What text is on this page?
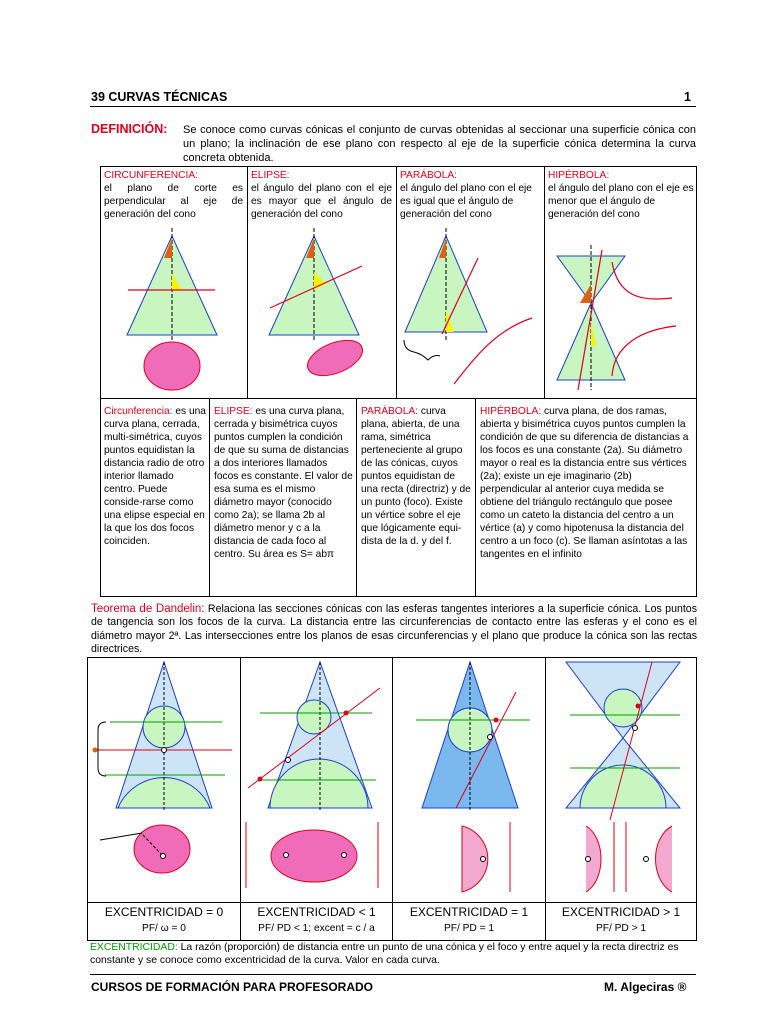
39 CURVAS TÉCNICAS	1
DEFINICIÓN: Se conoce como curvas cónicas el conjunto de curvas obtenidas al seccionar una superficie cónica con un plano; la inclinación de ese plano con respecto al eje de la superficie cónica determina la curva concreta obtenida.
CIRCUNFERENCIA:
el plano de corte es perpendicular al eje de generación del cono
ELIPSE:
el ángulo del plano con el eje es mayor que el ángulo de generación del cono
PARÁBOLA:
el ángulo del plano con el eje es igual que el ángulo de generación del cono
HIPÉRBOLA:
el ángulo del plano con el eje es menor que el ángulo de generación del cono
Circunferencia: es una curva plana, cerrada, multi-simétrica, cuyos puntos equidistan la distancia radio de otro interior llamado centro. Puede conside-rarse como una elipse especial en la que los dos focos coinciden.
ELIPSE: es una curva plana, cerrada y bisimétrica cuyos puntos cumplen la condición de que su suma de distancias a dos interiores llamados focos es constante. El valor de esa suma es el mismo diámetro mayor (conocido como 2a); se llama 2b al diámetro menor y c a la distancia de cada foco al centro. Su área es S= abπ
PARÁBOLA: curva plana, abierta, de una rama, simétrica perteneciente al grupo de las cónicas, cuyos puntos equidistan de una recta (directriz) y de un punto (foco). Existe un vértice sobre el eje que lógicamente equi-dista de la d. y del f.
HIPÉRBOLA: curva plana, de dos ramas, abierta y bisimétrica cuyos puntos cumplen la condición de que su diferencia de distancias a los focos es una constante (2a). Su diámetro mayor o real es la distancia entre sus vértices (2a); existe un eje imaginario (2b) perpendicular al anterior cuya medida se obtiene del triángulo rectángulo que posee como un cateto la distancia del centro a un vértice (a) y como hipotenusa la distancia del centro a un foco (c). Se llaman asíntotas a las tangentes en el infinito
Teorema de Dandelin: Relaciona las secciones cónicas con las esferas tangentes interiores a la superficie cónica. Los puntos de tangencia son los focos de la curva. La distancia entre las circunferencias de contacto entre las esferas y el cono es el diámetro mayor 2ª. Las intersecciones entre los planos de esas circunferencias y el plano que produce la cónica son las rectas directrices.
EXCENTRICIDAD = 0
PF/ ω = 0
EXCENTRICIDAD < 1
PF/ PD < 1; excent = c / a
EXCENTRICIDAD = 1
PF/ PD = 1
EXCENTRICIDAD > 1
PF/ PD > 1
EXCENTRICIDAD: La razón (proporción) de distancia entre un punto de una cónica y el foco y entre aquel y la recta directriz es constante y se conoce como excentricidad de la curva. Valor en cada curva.
CURSOS DE FORMACIÓN PARA PROFESORADO	M. Algeciras ®
